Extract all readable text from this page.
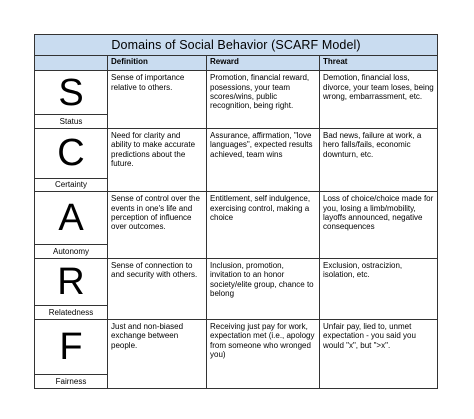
Domains of Social Behavior (SCARF Model)			
	Definition	Reward	Threat
S	Sense of importance relative to others.	Promotion, financial reward, posessions, your team scores/wins, public recognition, being right.	Demotion, financial loss, divorce, your team loses, being wrong, embarrassment, etc.
Status			
C	Need for clarity and ability to make accurate predictions about the future.	Assurance, affirmation, "love languages", expected results achieved, team wins	Bad news, failure at work, a hero falls/fails, economic downturn, etc.
Certainty			
A	Sense of control over the events in one's life and perception of influence over outcomes.	Entitlement, self indulgence, exercising control, making a choice	Loss of choice/choice made for you, losing a limb/mobility, layoffs announced, negative consequences
Autonomy			
R	Sense of connection to and security with others.	Inclusion, promotion, invitation to an honor society/elite group, chance to belong	Exclusion, ostracizion, isolation, etc.
Relatedness			
F	Just and non-biased exchange between people.	Receiving just pay for work, expectation met (i.e., apology from someone who wronged you)	Unfair pay, lied to, unmet expectation - you said you would "x", but ">x".
Fairness			
